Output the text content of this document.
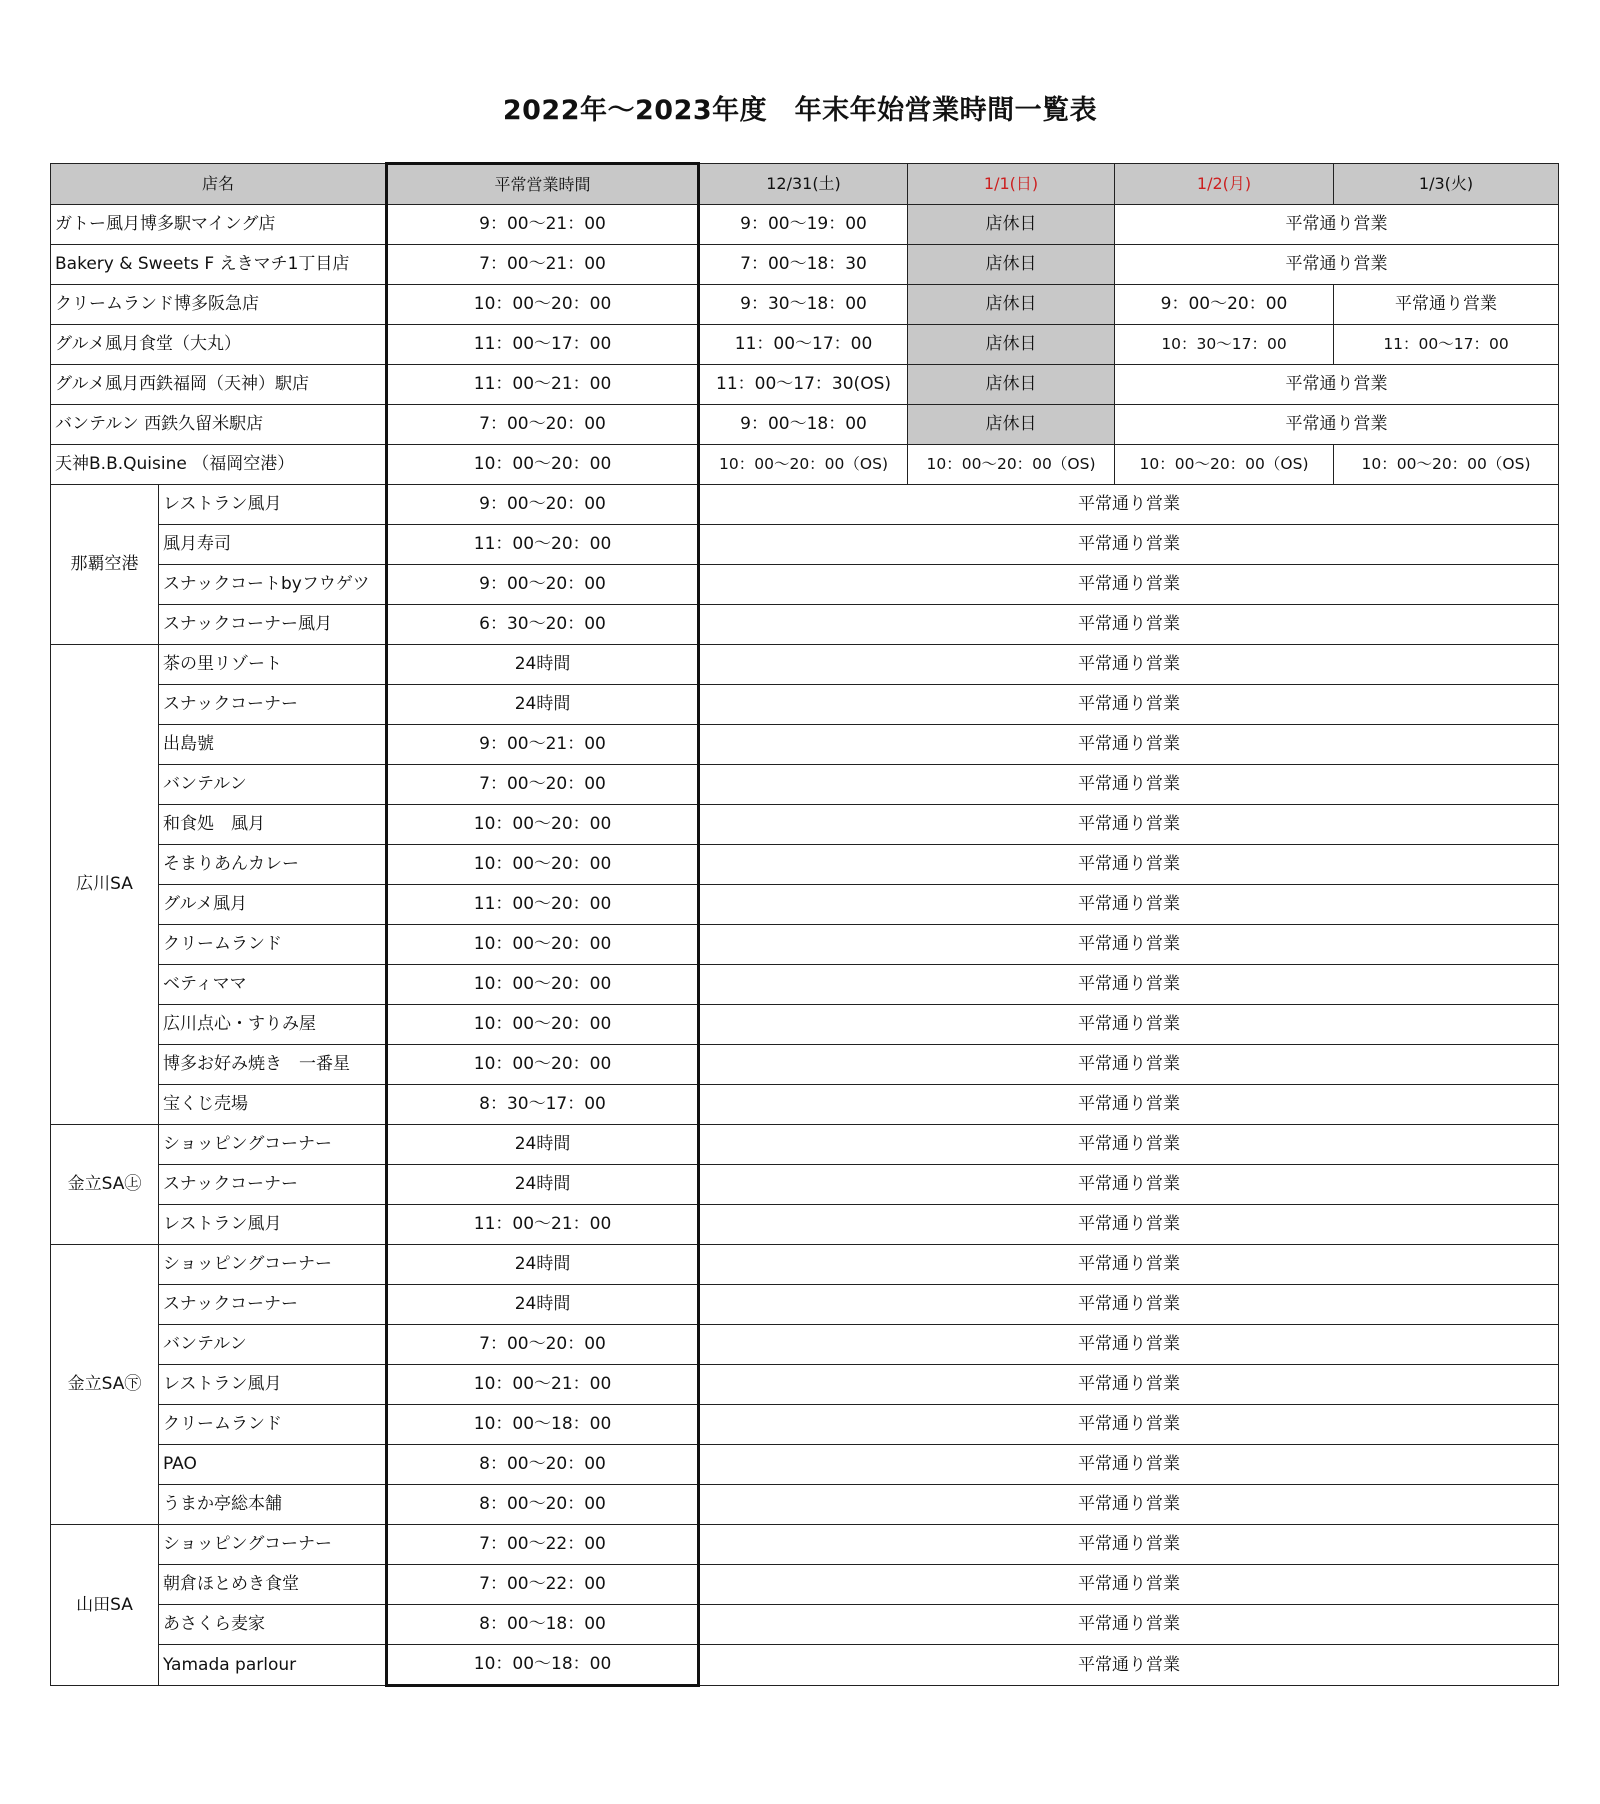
2022年〜2023年度　年末年始営業時間一覧表
店名		平常営業時間	12/31(土)	1/1(日)	1/2(月)	1/3(火)
ガトー風月博多駅マイング店		9：00〜21：00	9：00〜19：00	店休日	平常通り営業	
Bakery & Sweets F えきマチ1丁目店		7：00〜21：00	7：00〜18：30	店休日	平常通り営業	
クリームランド博多阪急店		10：00〜20：00	9：30〜18：00	店休日	9：00〜20：00	平常通り営業
グルメ風月食堂（大丸）		11：00〜17：00	11：00〜17：00	店休日	10：30〜17：00	11：00〜17：00
グルメ風月西鉄福岡（天神）駅店		11：00〜21：00	11：00〜17：30(OS)	店休日	平常通り営業	
バンテルン 西鉄久留米駅店		7：00〜20：00	9：00〜18：00	店休日	平常通り営業	
天神B.B.Quisine （福岡空港）		10：00〜20：00	10：00〜20：00（OS)	10：00〜20：00（OS)	10：00〜20：00（OS)	10：00〜20：00（OS)
那覇空港	レストラン風月	9：00〜20：00	平常通り営業			
	風月寿司	11：00〜20：00	平常通り営業			
	スナックコートbyフウゲツ	9：00〜20：00	平常通り営業			
	スナックコーナー風月	6：30〜20：00	平常通り営業			
広川SA	茶の里リゾート	24時間	平常通り営業			
	スナックコーナー	24時間	平常通り営業			
	出島號	9：00〜21：00	平常通り営業			
	バンテルン	7：00〜20：00	平常通り営業			
	和食処　風月	10：00〜20：00	平常通り営業			
	そまりあんカレー	10：00〜20：00	平常通り営業			
	グルメ風月	11：00〜20：00	平常通り営業			
	クリームランド	10：00〜20：00	平常通り営業			
	ベティママ	10：00〜20：00	平常通り営業			
	広川点心・すりみ屋	10：00〜20：00	平常通り営業			
	博多お好み焼き　一番星	10：00〜20：00	平常通り営業			
	宝くじ売場	8：30〜17：00	平常通り営業			
金立SA㊤	ショッピングコーナー	24時間	平常通り営業			
	スナックコーナー	24時間	平常通り営業			
	レストラン風月	11：00〜21：00	平常通り営業			
金立SA㊦	ショッピングコーナー	24時間	平常通り営業			
	スナックコーナー	24時間	平常通り営業			
	バンテルン	7：00〜20：00	平常通り営業			
	レストラン風月	10：00〜21：00	平常通り営業			
	クリームランド	10：00〜18：00	平常通り営業			
	PAO	8：00〜20：00	平常通り営業			
	うまか亭総本舗	8：00〜20：00	平常通り営業			
山田SA	ショッピングコーナー	7：00〜22：00	平常通り営業			
	朝倉ほとめき食堂	7：00〜22：00	平常通り営業			
	あさくら麦家	8：00〜18：00	平常通り営業			
	Yamada parlour	10：00〜18：00	平常通り営業			
